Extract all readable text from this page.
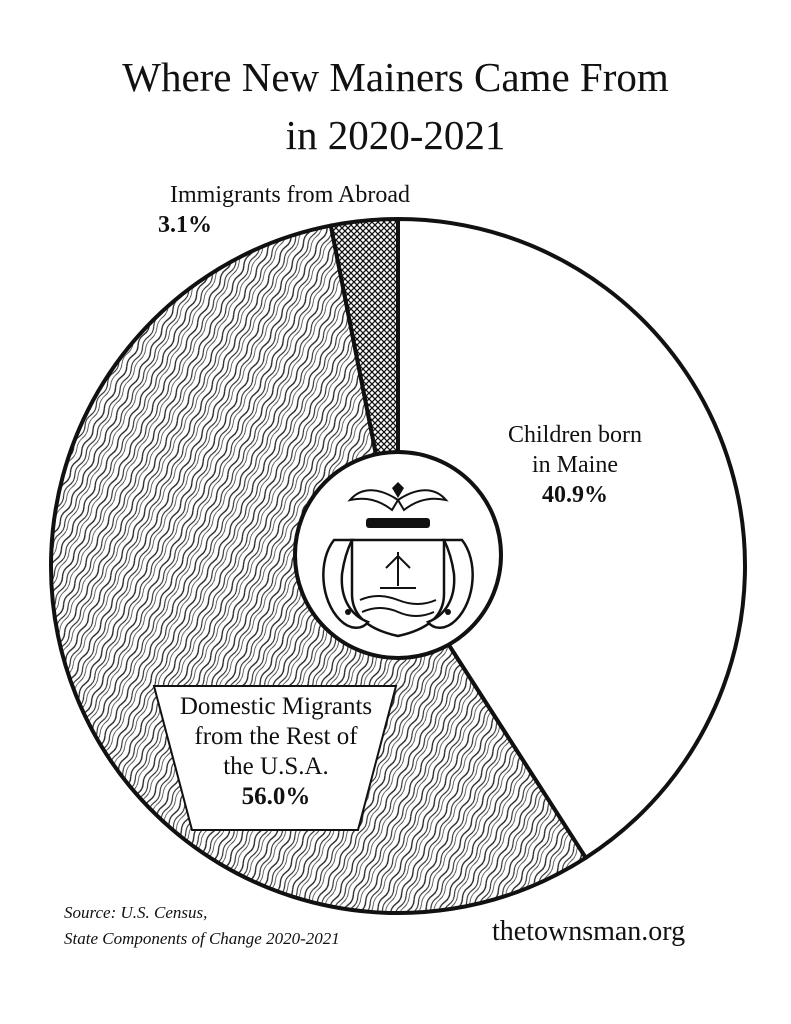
Where New Mainers Came From
in 2020-2021
Immigrants from Abroad
3.1%
Children born
in Maine
40.9%
Domestic Migrants
from the Rest of
the U.S.A.
56.0%
Source: U.S. Census,
State Components of Change 2020-2021	thetownsman.org
